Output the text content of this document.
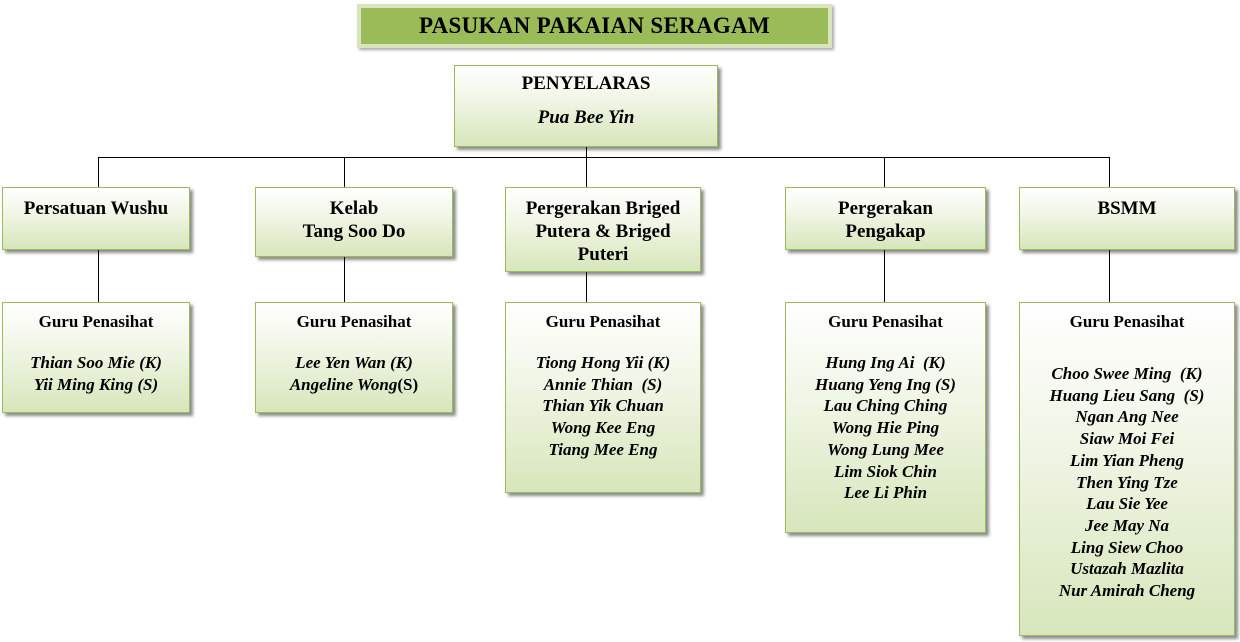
PASUKAN PAKAIAN SERAGAM
PENYELARAS
Pua Bee Yin
Persatuan Wushu	Kelab
Tang Soo Do
Pergerakan Briged
Putera & Briged
Puteri
Pergerakan
Pengakap
BSMM
Guru Penasihat
Thian Soo Mie (K)
Yii Ming King (S)
Guru Penasihat
Lee Yen Wan (K)
Angeline Wong(S)
Guru Penasihat
Tiong Hong Yii (K)
Annie Thian  (S)
Thian Yik Chuan
Wong Kee Eng
Tiang Mee Eng
Guru Penasihat
Hung Ing Ai  (K)
Huang Yeng Ing (S)
Lau Ching Ching
Wong Hie Ping
Wong Lung Mee
Lim Siok Chin
Lee Li Phin
Guru Penasihat
Choo Swee Ming  (K)
Huang Lieu Sang  (S)
Ngan Ang Nee
Siaw Moi Fei
Lim Yian Pheng
Then Ying Tze
Lau Sie Yee
Jee May Na
Ling Siew Choo
Ustazah Mazlita
Nur Amirah Cheng
